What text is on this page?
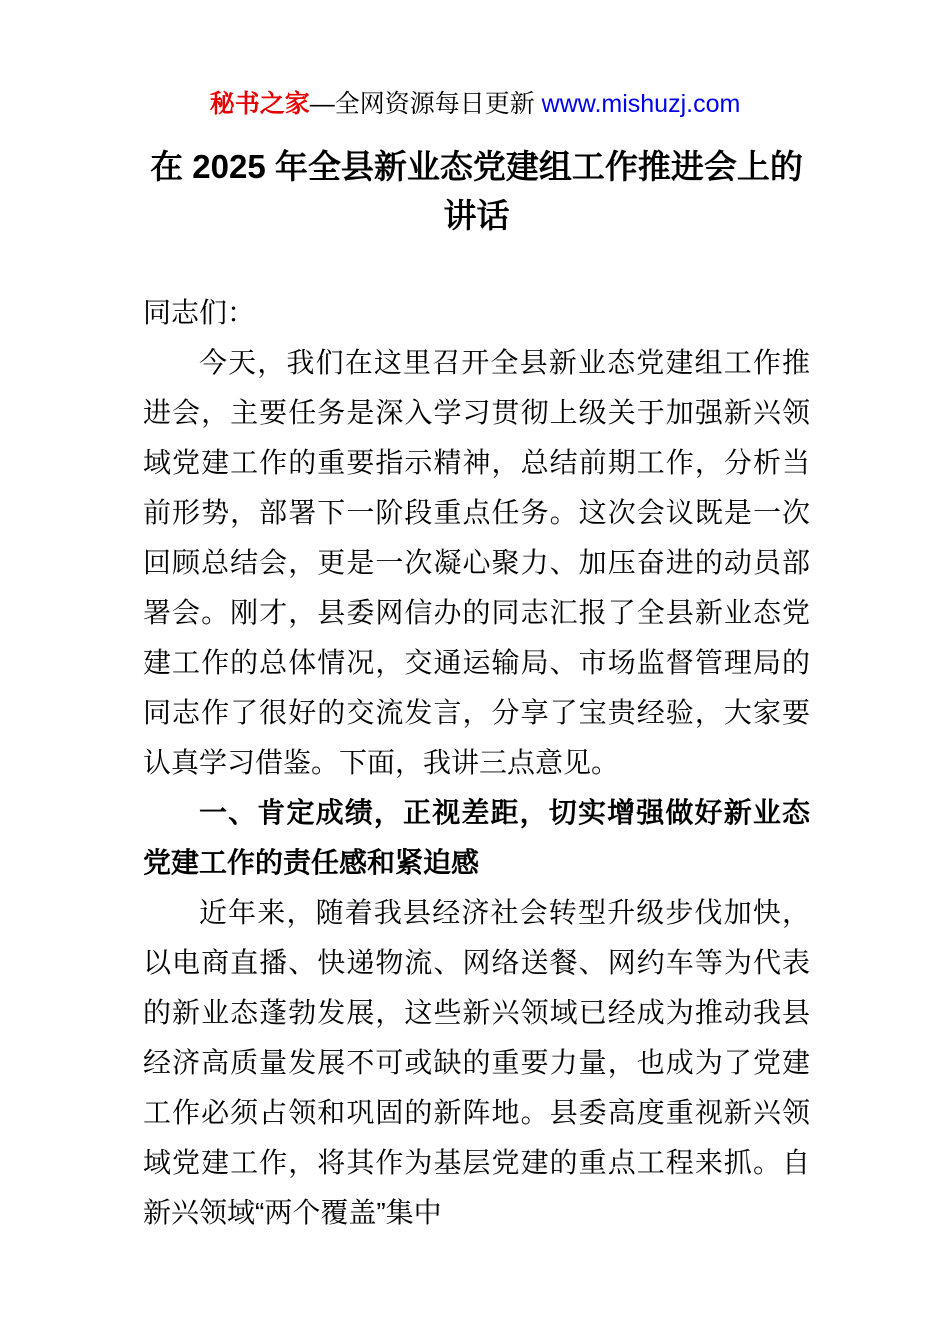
秘书之家—全网资源每日更新 www.mishuzj.com
在 2025 年全县新业态党建组工作推进会上的讲话

同志们：

今天，我们在这里召开全县新业态党建组工作推进会，主要任务是深入学习贯彻上级关于加强新兴领域党建工作的重要指示精神，总结前期工作，分析当前形势，部署下一阶段重点任务。这次会议既是一次回顾总结会，更是一次凝心聚力、加压奋进的动员部署会。刚才，县委网信办的同志汇报了全县新业态党建工作的总体情况，交通运输局、市场监督管理局的同志作了很好的交流发言，分享了宝贵经验，大家要认真学习借鉴。下面，我讲三点意见。

一、肯定成绩，正视差距，切实增强做好新业态党建工作的责任感和紧迫感

近年来，随着我县经济社会转型升级步伐加快，以电商直播、快递物流、网络送餐、网约车等为代表的新业态蓬勃发展，这些新兴领域已经成为推动我县经济高质量发展不可或缺的重要力量，也成为了党建工作必须占领和巩固的新阵地。县委高度重视新兴领域党建工作，将其作为基层党建的重点工程来抓。自新兴领域“两个覆盖”集中
